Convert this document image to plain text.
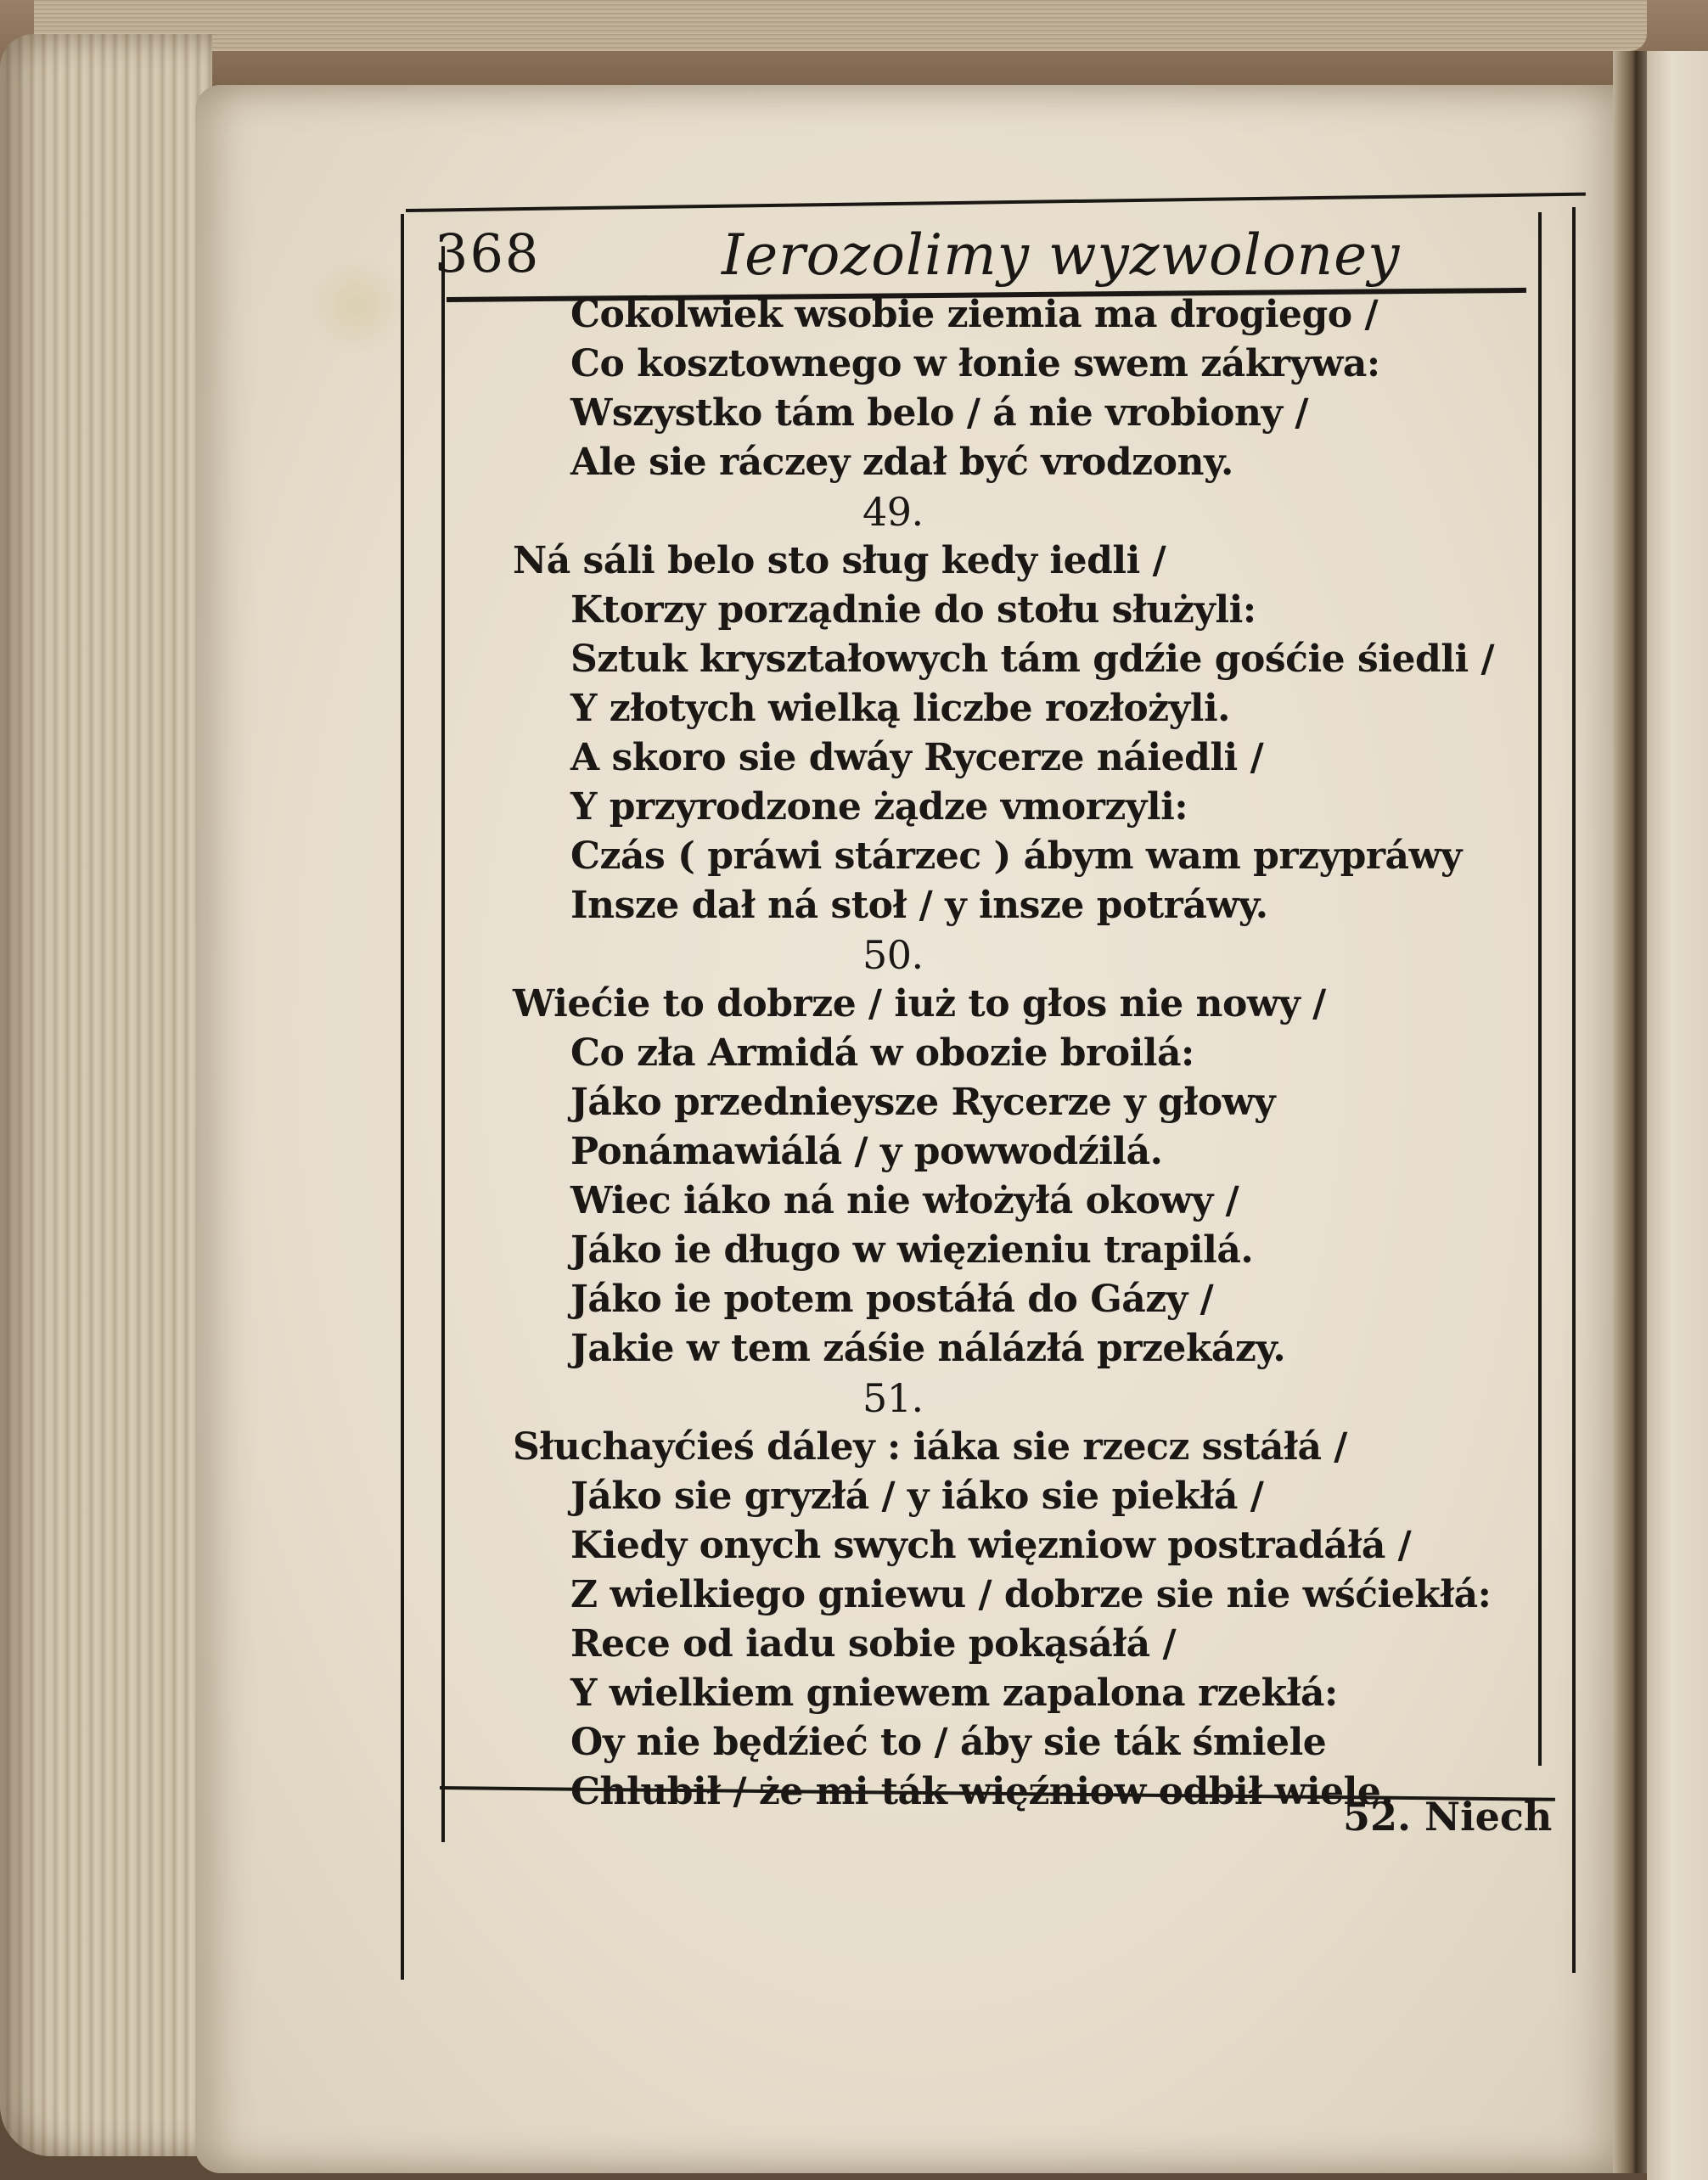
368	Ierozolimy wyzwoloney
Cokolwiek wsobie ziemia ma drogiego /
Co kosztownego w łonie swem zákrywa:
Wszystko tám belo / á nie vrobiony /
Ale sie ráczey zdał być vrodzony.
49.
Ná sáli belo sto sług kedy iedli /
Ktorzy porządnie do stołu służyli:
Sztuk kryształowych tám gdźie gośćie śiedli /
Y złotych wielką liczbe rozłożyli.
A skoro sie dwáy Rycerze náiedli /
Y przyrodzone żądze vmorzyli:
Czás ( práwi stárzec ) ábym wam przypráwy
Insze dał ná stoł / y insze potráwy.
50.
Wiećie to dobrze / iuż to głos nie nowy /
Co zła Armidá w obozie broilá:
Jáko przednieysze Rycerze y głowy
Ponámawiálá / y powwodźilá.
Wiec iáko ná nie włożyłá okowy /
Jáko ie długo w więzieniu trapilá.
Jáko ie potem postáłá do Gázy /
Jakie w tem záśie nálázłá przekázy.
51.
Słuchayćieś dáley : iáka sie rzecz sstáłá /
Jáko sie gryzłá / y iáko sie piekłá /
Kiedy onych swych więzniow postradáłá /
Z wielkiego gniewu / dobrze sie nie wśćiekłá:
Rece od iadu sobie pokąsáłá /
Y wielkiem gniewem zapalona rzekłá:
Oy nie będźieć to / áby sie ták śmiele
Chlubił / że mi ták więźniow odbił wiele.
52. Niech
